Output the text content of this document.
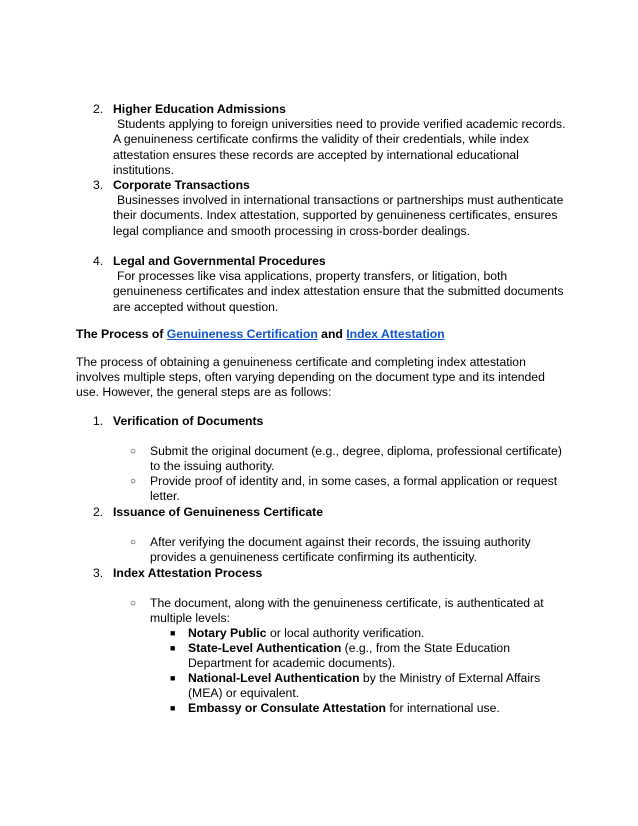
2. Higher Education Admissions
Students applying to foreign universities need to provide verified academic records. A genuineness certificate confirms the validity of their credentials, while index attestation ensures these records are accepted by international educational institutions.
3. Corporate Transactions
Businesses involved in international transactions or partnerships must authenticate their documents. Index attestation, supported by genuineness certificates, ensures legal compliance and smooth processing in cross-border dealings.
4. Legal and Governmental Procedures
For processes like visa applications, property transfers, or litigation, both genuineness certificates and index attestation ensure that the submitted documents are accepted without question.
The Process of Genuineness Certification and Index Attestation
The process of obtaining a genuineness certificate and completing index attestation involves multiple steps, often varying depending on the document type and its intended use. However, the general steps are as follows:
1. Verification of Documents
○ Submit the original document (e.g., degree, diploma, professional certificate) to the issuing authority.
○ Provide proof of identity and, in some cases, a formal application or request letter.
2. Issuance of Genuineness Certificate
○ After verifying the document against their records, the issuing authority provides a genuineness certificate confirming its authenticity.
3. Index Attestation Process
○ The document, along with the genuineness certificate, is authenticated at multiple levels:
■ Notary Public or local authority verification.
■ State-Level Authentication (e.g., from the State Education Department for academic documents).
■ National-Level Authentication by the Ministry of External Affairs (MEA) or equivalent.
■ Embassy or Consulate Attestation for international use.
